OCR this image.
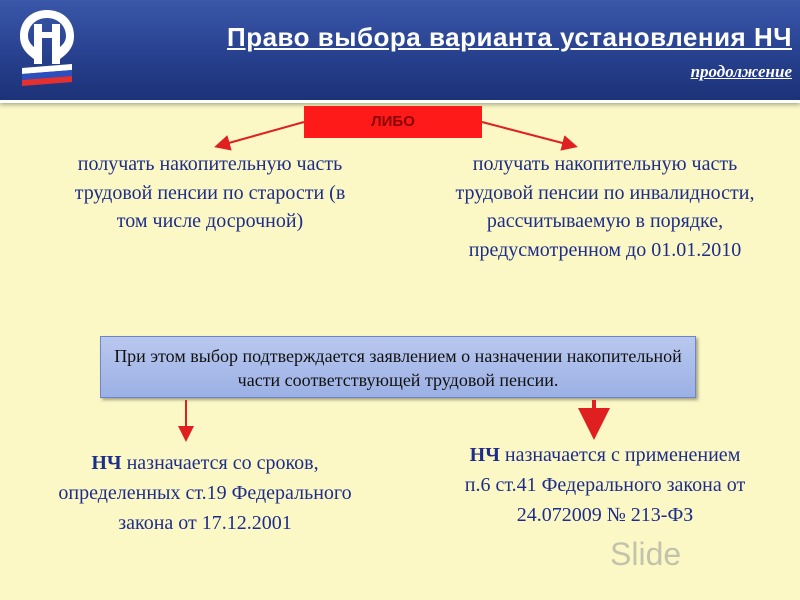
Право выбора варианта установления НЧ
продолжение
ЛИБО
получать накопительную часть трудовой пенсии по старости (в том числе досрочной)
получать накопительную часть трудовой пенсии по инвалидности, рассчитываемую в порядке, предусмотренном до 01.01.2010
При этом выбор подтверждается заявлением о назначении накопительной части соответствующей трудовой пенсии.
НЧ назначается со сроков, определенных ст.19 Федерального закона от 17.12.2001
НЧ назначается с применением п.6 ст.41 Федерального закона от 24.072009 № 213-ФЗ
Slide
